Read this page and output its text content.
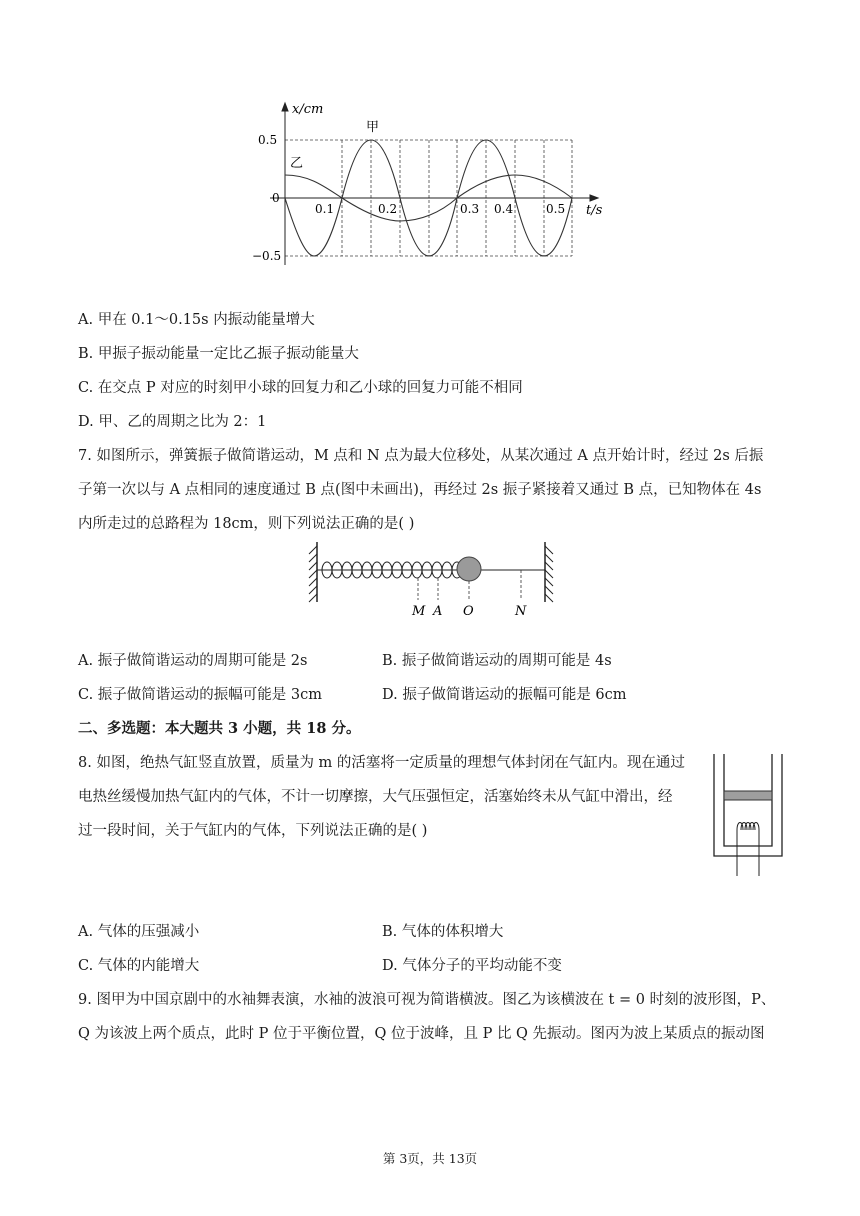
x/cm
甲
乙
0.5
0
−0.5
0.1	0.2	0.3 0.4	0.5 t/s
A. 甲在 0.1～0.15s 内振动能量增大
B. 甲振子振动能量一定比乙振子振动能量大
C. 在交点 P 对应的时刻甲小球的回复力和乙小球的回复力可能不相同
D. 甲、乙的周期之比为 2：1
7. 如图所示，弹簧振子做简谐运动，M 点和 N 点为最大位移处，从某次通过 A 点开始计时，经过 2s 后振
子第一次以与 A 点相同的速度通过 B 点(图中未画出)，再经过 2s 振子紧接着又通过 B 点，已知物体在 4s
内所走过的总路程为 18cm，则下列说法正确的是( )
M A O	N
A. 振子做简谐运动的周期可能是 2s	B. 振子做简谐运动的周期可能是 4s
C. 振子做简谐运动的振幅可能是 3cm	D. 振子做简谐运动的振幅可能是 6cm
二、多选题：本大题共 3 小题，共 18 分。
8. 如图，绝热气缸竖直放置，质量为 m 的活塞将一定质量的理想气体封闭在气缸内。现在通过
电热丝缓慢加热气缸内的气体，不计一切摩擦，大气压强恒定，活塞始终未从气缸中滑出，经
过一段时间，关于气缸内的气体，下列说法正确的是( )
A. 气体的压强减小	B. 气体的体积增大
C. 气体的内能增大	D. 气体分子的平均动能不变
9. 图甲为中国京剧中的水袖舞表演，水袖的波浪可视为简谐横波。图乙为该横波在 t = 0 时刻的波形图，P、
Q 为该波上两个质点，此时 P 位于平衡位置，Q 位于波峰，且 P 比 Q 先振动。图丙为波上某质点的振动图
第 3页，共 13页
